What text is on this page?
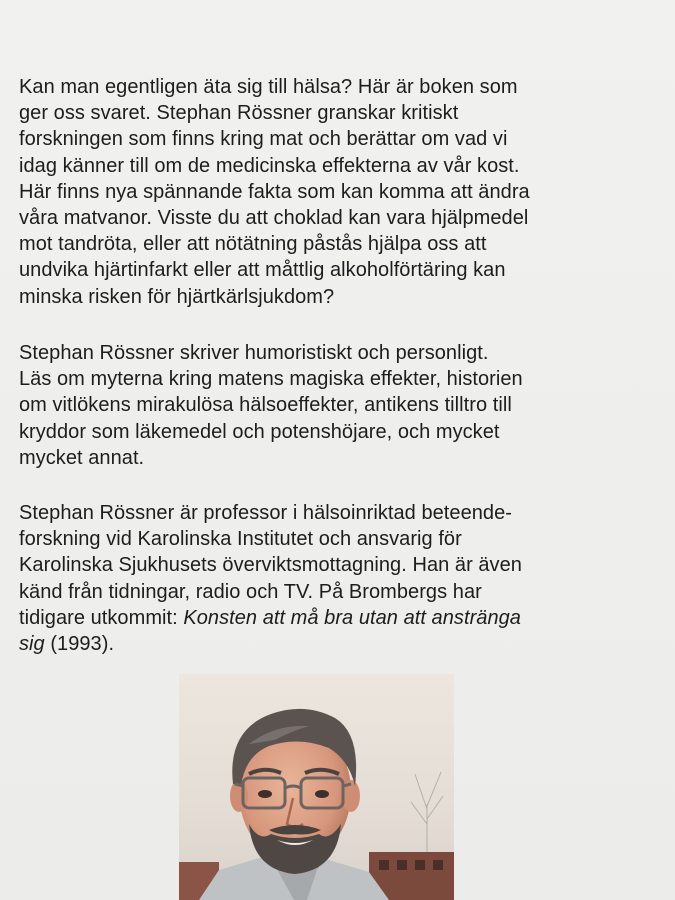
Kan man egentligen äta sig till hälsa? Här är boken som
ger oss svaret. Stephan Rössner granskar kritiskt
forskningen som finns kring mat och berättar om vad vi
idag känner till om de medicinska effekterna av vår kost.
Här finns nya spännande fakta som kan komma att ändra
våra matvanor. Visste du att choklad kan vara hjälpmedel
mot tandröta, eller att nötätning påstås hjälpa oss att
undvika hjärtinfarkt eller att måttlig alkoholförtäring kan
minska risken för hjärtkärlsjukdom?
Stephan Rössner skriver humoristiskt och personligt.
Läs om myterna kring matens magiska effekter, historien
om vitlökens mirakulösa hälsoeffekter, antikens tilltro till
kryddor som läkemedel och potenshöjare, och mycket
mycket annat.
Stephan Rössner är professor i hälsoinriktad beteende-
forskning vid Karolinska Institutet och ansvarig för
Karolinska Sjukhusets överviktsmottagning. Han är även
känd från tidningar, radio och TV. På Brombergs har
tidigare utkommit: Konsten att må bra utan att anstränga
sig (1993).
